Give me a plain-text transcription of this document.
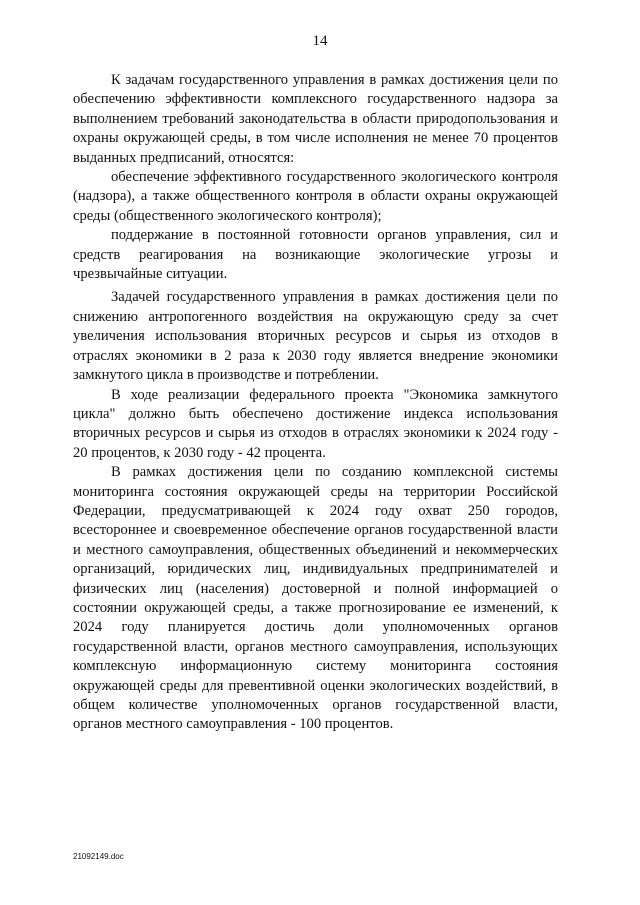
14

К задачам государственного управления в рамках достижения цели по обеспечению эффективности комплексного государственного надзора за выполнением требований законодательства в области природопользования и охраны окружающей среды, в том числе исполнения не менее 70 процентов выданных предписаний, относятся:

обеспечение эффективного государственного экологического контроля (надзора), а также общественного контроля в области охраны окружающей среды (общественного экологического контроля);

поддержание в постоянной готовности органов управления, сил и средств реагирования на возникающие экологические угрозы и чрезвычайные ситуации.

Задачей государственного управления в рамках достижения цели по снижению антропогенного воздействия на окружающую среду за счет увеличения использования вторичных ресурсов и сырья из отходов в отраслях экономики в 2 раза к 2030 году является внедрение экономики замкнутого цикла в производстве и потреблении.

В ходе реализации федерального проекта "Экономика замкнутого цикла" должно быть обеспечено достижение индекса использования вторичных ресурсов и сырья из отходов в отраслях экономики к 2024 году - 20 процентов, к 2030 году - 42 процента.

В рамках достижения цели по созданию комплексной системы мониторинга состояния окружающей среды на территории Российской Федерации, предусматривающей к 2024 году охват 250 городов, всестороннее и своевременное обеспечение органов государственной власти и местного самоуправления, общественных объединений и некоммерческих организаций, юридических лиц, индивидуальных предпринимателей и физических лиц (населения) достоверной и полной информацией о состоянии окружающей среды, а также прогнозирование ее изменений, к 2024 году планируется достичь доли уполномоченных органов государственной власти, органов местного самоуправления, использующих комплексную информационную систему мониторинга состояния окружающей среды для превентивной оценки экологических воздействий, в общем количестве уполномоченных органов государственной власти, органов местного самоуправления - 100 процентов.

21092149.doc
